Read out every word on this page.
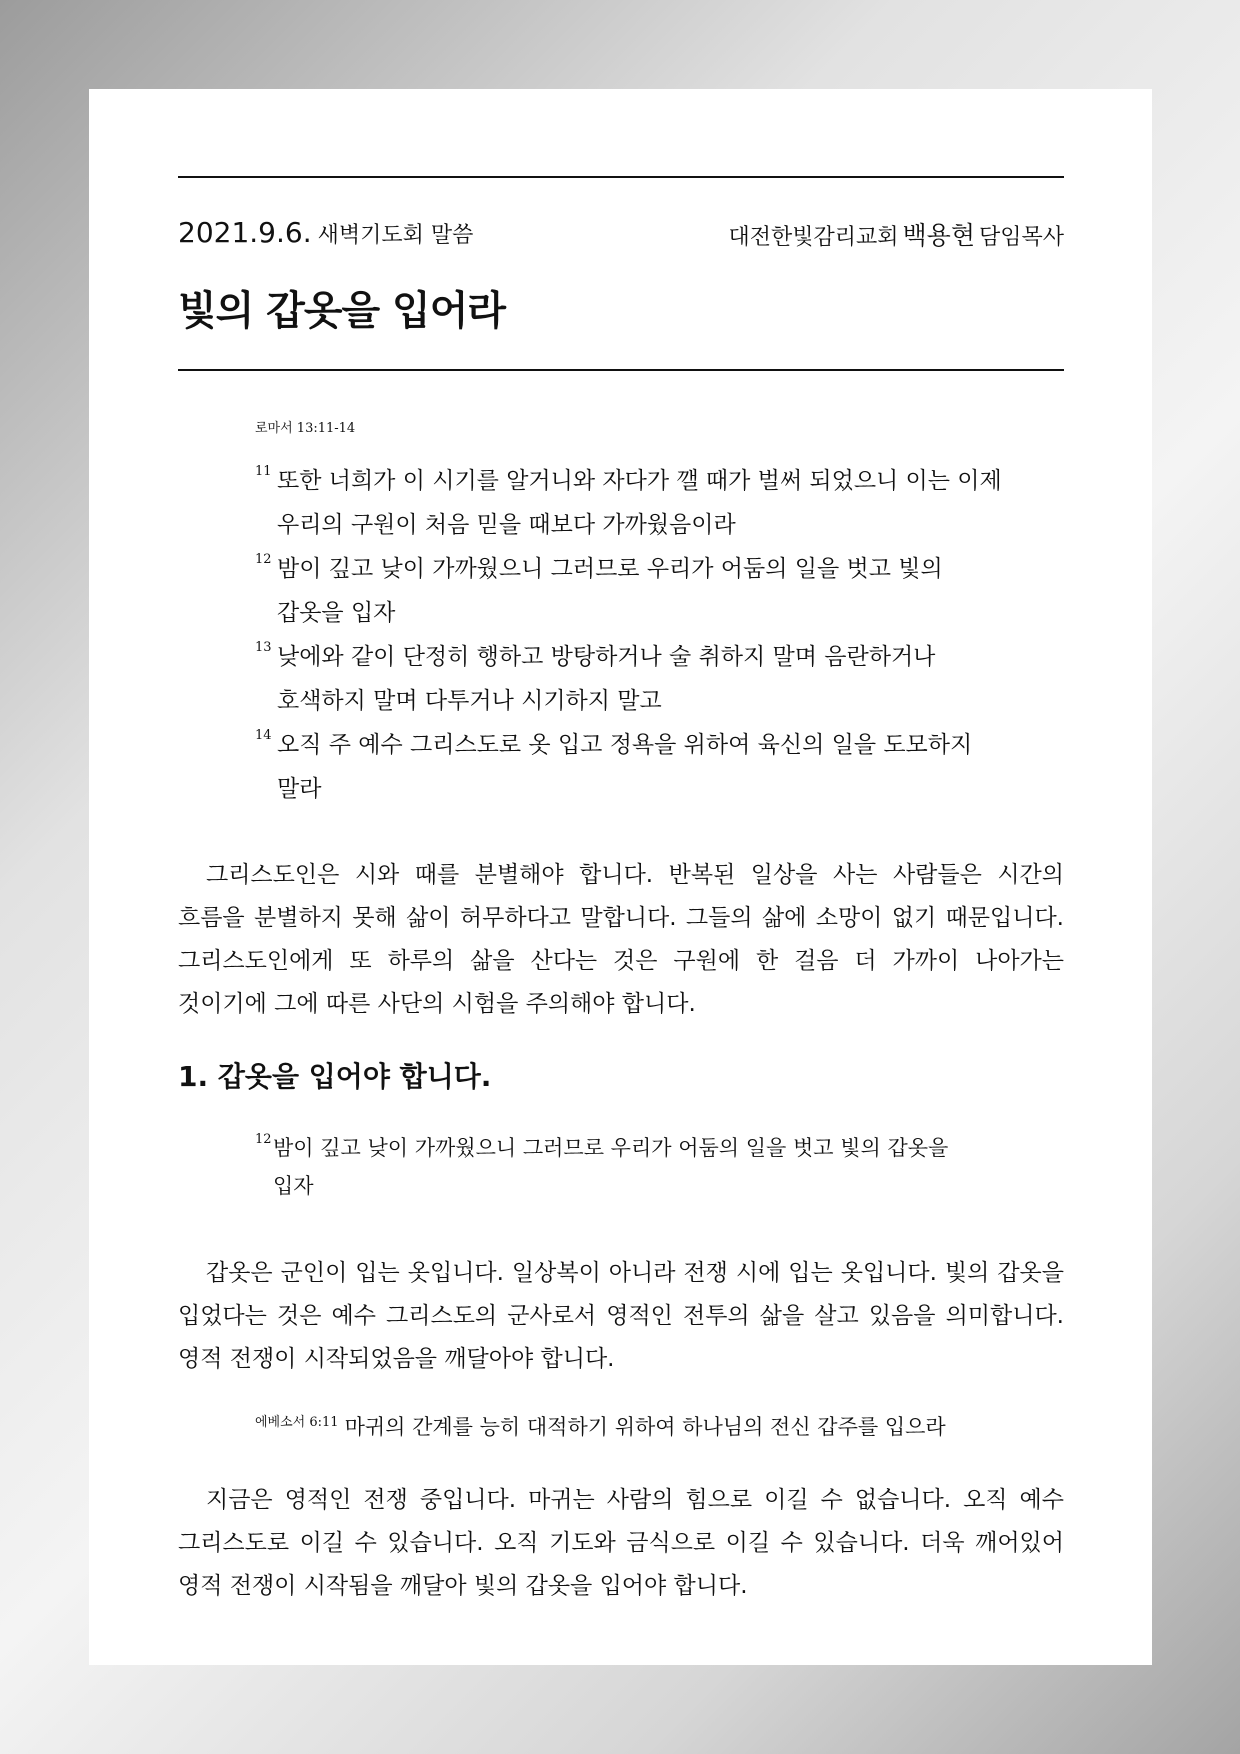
2021.9.6. 새벽기도회 말씀	대전한빛감리교회 백용현 담임목사
빛의 갑옷을 입어라
로마서 13:11-14
11 또한 너희가 이 시기를 알거니와 자다가 깰 때가 벌써 되었으니 이는 이제 우리의 구원이 처음 믿을 때보다 가까웠음이라
12 밤이 깊고 낮이 가까웠으니 그러므로 우리가 어둠의 일을 벗고 빛의 갑옷을 입자
13 낮에와 같이 단정히 행하고 방탕하거나 술 취하지 말며 음란하거나 호색하지 말며 다투거나 시기하지 말고
14 오직 주 예수 그리스도로 옷 입고 정욕을 위하여 육신의 일을 도모하지 말라

그리스도인은 시와 때를 분별해야 합니다. 반복된 일상을 사는 사람들은 시간의 흐름을 분별하지 못해 삶이 허무하다고 말합니다. 그들의 삶에 소망이 없기 때문입니다. 그리스도인에게 또 하루의 삶을 산다는 것은 구원에 한 걸음 더 가까이 나아가는 것이기에 그에 따른 사단의 시험을 주의해야 합니다.

1. 갑옷을 입어야 합니다.
12 밤이 깊고 낮이 가까웠으니 그러므로 우리가 어둠의 일을 벗고 빛의 갑옷을 입자

갑옷은 군인이 입는 옷입니다. 일상복이 아니라 전쟁 시에 입는 옷입니다. 빛의 갑옷을 입었다는 것은 예수 그리스도의 군사로서 영적인 전투의 삶을 살고 있음을 의미합니다. 영적 전쟁이 시작되었음을 깨달아야 합니다.

$^{에베소서 6:11}$ 마귀의 간계를 능히 대적하기 위하여 하나님의 전신 갑주를 입으라

지금은 영적인 전쟁 중입니다. 마귀는 사람의 힘으로 이길 수 없습니다. 오직 예수 그리스도로 이길 수 있습니다. 오직 기도와 금식으로 이길 수 있습니다. 더욱 깨어있어 영적 전쟁이 시작됨을 깨달아 빛의 갑옷을 입어야 합니다.
